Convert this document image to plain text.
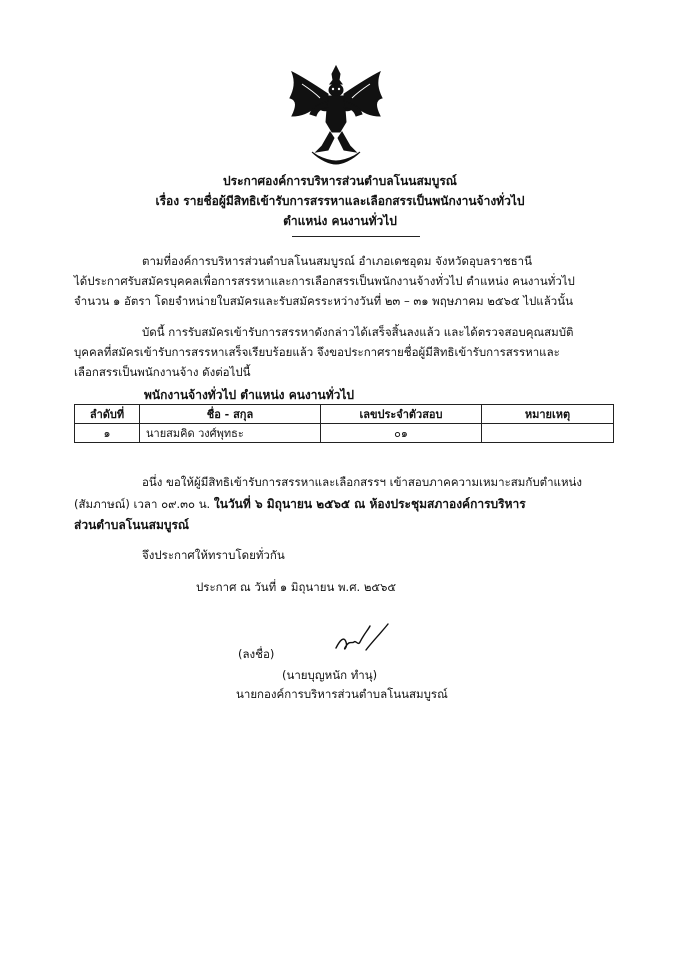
ประกาศองค์การบริหารส่วนตำบลโนนสมบูรณ์
เรื่อง รายชื่อผู้มีสิทธิเข้ารับการสรรหาและเลือกสรรเป็นพนักงานจ้างทั่วไป
ตำแหน่ง คนงานทั่วไป
ตามที่องค์การบริหารส่วนตำบลโนนสมบูรณ์ อำเภอเดชอุดม จังหวัดอุบลราชธานี
ได้ประกาศรับสมัครบุคคลเพื่อการสรรหาและการเลือกสรรเป็นพนักงานจ้างทั่วไป ตำแหน่ง คนงานทั่วไป
จำนวน ๑ อัตรา โดยจำหน่ายใบสมัครและรับสมัครระหว่างวันที่ ๒๓ – ๓๑ พฤษภาคม ๒๕๖๕ ไปแล้วนั้น
บัดนี้ การรับสมัครเข้ารับการสรรหาดังกล่าวได้เสร็จสิ้นลงแล้ว และได้ตรวจสอบคุณสมบัติ
บุคคลที่สมัครเข้ารับการสรรหาเสร็จเรียบร้อยแล้ว จึงขอประกาศรายชื่อผู้มีสิทธิเข้ารับการสรรหาและ
เลือกสรรเป็นพนักงานจ้าง ดังต่อไปนี้
พนักงานจ้างทั่วไป ตำแหน่ง คนงานทั่วไป
ลำดับที่	ชื่อ - สกุล	เลขประจำตัวสอบ	หมายเหตุ
๑	นายสมคิด วงศ์พุทธะ	๐๑	
อนึ่ง ขอให้ผู้มีสิทธิเข้ารับการสรรหาและเลือกสรรฯ เข้าสอบภาคความเหมาะสมกับตำแหน่ง
(สัมภาษณ์) เวลา ๐๙.๓๐ น. ในวันที่ ๖ มิถุนายน ๒๕๖๕ ณ ห้องประชุมสภาองค์การบริหาร
ส่วนตำบลโนนสมบูรณ์
จึงประกาศให้ทราบโดยทั่วกัน
ประกาศ ณ วันที่ ๑ มิถุนายน พ.ศ. ๒๕๖๕
(ลงชื่อ)
(นายบุญหนัก ทำนุ)
นายกองค์การบริหารส่วนตำบลโนนสมบูรณ์
